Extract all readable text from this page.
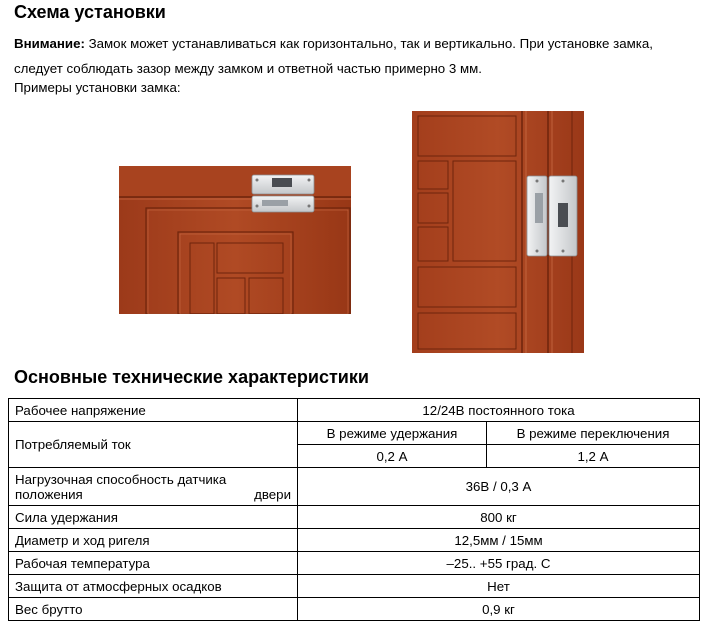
Схема установки
Внимание: Замок может устанавливаться как горизонтально, так и вертикально. При установке замка, следует соблюдать зазор между замком и ответной частью примерно 3 мм.
Примеры установки замка:
Основные технические характеристики
Рабочее напряжение	12/24В постоянного тока	
Потребляемый ток	В режиме удержания	В режиме переключения
	0,2 А	1,2 А
Нагрузочная способность датчика положения двери	36В / 0,3 А	
Сила удержания	800 кг	
Диаметр и ход ригеля	12,5мм / 15мм	
Рабочая температура	–25.. +55 град. С	
Защита от атмосферных осадков	Нет	
Вес брутто	0,9 кг	
